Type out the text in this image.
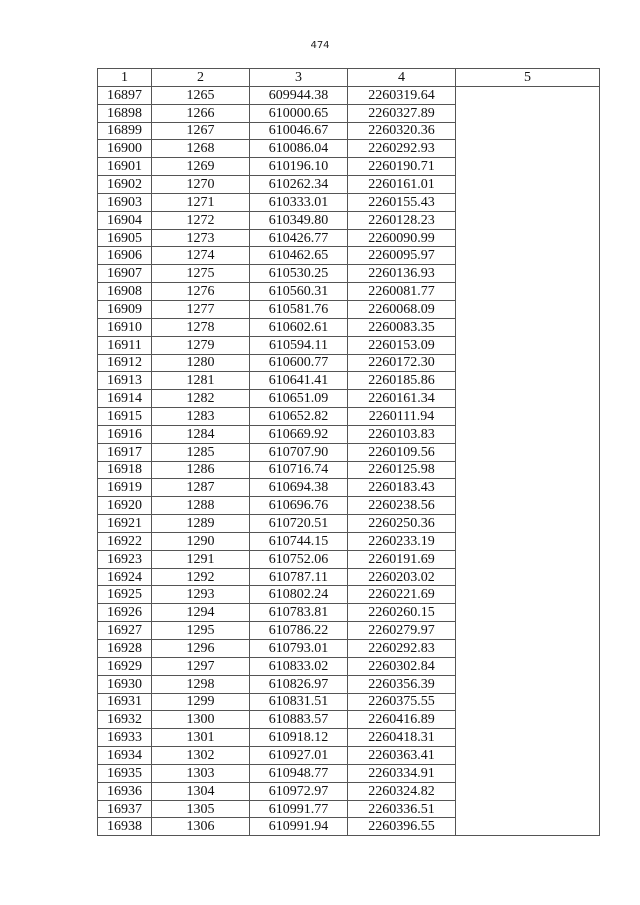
474
1	2	3	4	5
16897	1265	609944.38	2260319.64	
16898	1266	610000.65	2260327.89	
16899	1267	610046.67	2260320.36	
16900	1268	610086.04	2260292.93	
16901	1269	610196.10	2260190.71	
16902	1270	610262.34	2260161.01	
16903	1271	610333.01	2260155.43	
16904	1272	610349.80	2260128.23	
16905	1273	610426.77	2260090.99	
16906	1274	610462.65	2260095.97	
16907	1275	610530.25	2260136.93	
16908	1276	610560.31	2260081.77	
16909	1277	610581.76	2260068.09	
16910	1278	610602.61	2260083.35	
16911	1279	610594.11	2260153.09	
16912	1280	610600.77	2260172.30	
16913	1281	610641.41	2260185.86	
16914	1282	610651.09	2260161.34	
16915	1283	610652.82	2260111.94	
16916	1284	610669.92	2260103.83	
16917	1285	610707.90	2260109.56	
16918	1286	610716.74	2260125.98	
16919	1287	610694.38	2260183.43	
16920	1288	610696.76	2260238.56	
16921	1289	610720.51	2260250.36	
16922	1290	610744.15	2260233.19	
16923	1291	610752.06	2260191.69	
16924	1292	610787.11	2260203.02	
16925	1293	610802.24	2260221.69	
16926	1294	610783.81	2260260.15	
16927	1295	610786.22	2260279.97	
16928	1296	610793.01	2260292.83	
16929	1297	610833.02	2260302.84	
16930	1298	610826.97	2260356.39	
16931	1299	610831.51	2260375.55	
16932	1300	610883.57	2260416.89	
16933	1301	610918.12	2260418.31	
16934	1302	610927.01	2260363.41	
16935	1303	610948.77	2260334.91	
16936	1304	610972.97	2260324.82	
16937	1305	610991.77	2260336.51	
16938	1306	610991.94	2260396.55	
